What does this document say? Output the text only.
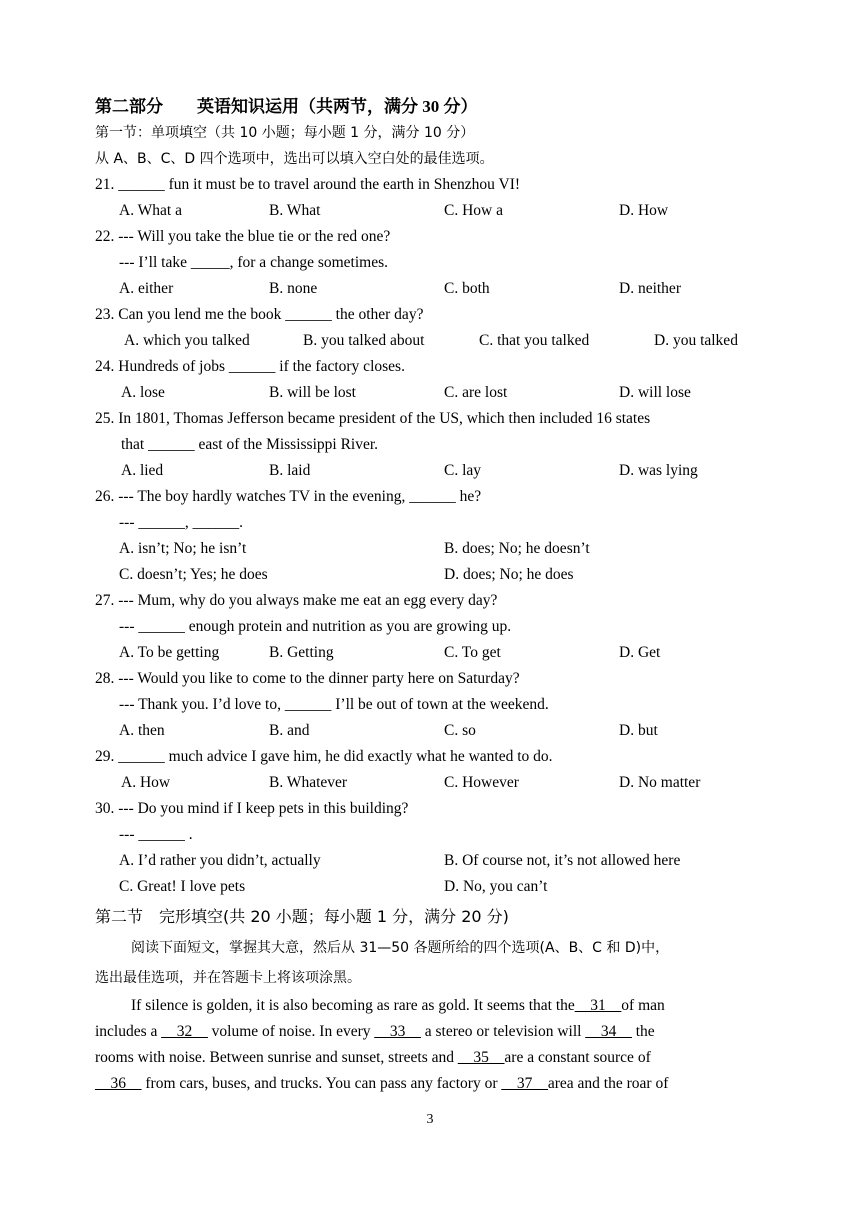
第二部分　　英语知识运用（共两节，满分 30 分）
第一节：单项填空（共 10 小题；每小题 1 分，满分 10 分）
从 A、B、C、D 四个选项中，选出可以填入空白处的最佳选项。
21. ______ fun it must be to travel around the earth in Shenzhou VI!
A. What a	B. What	C. How a	D. How
22. --- Will you take the blue tie or the red one?
--- I’ll take _____, for a change sometimes.
A. either	B. none	C. both	D. neither
23. Can you lend me the book ______ the other day?
A. which you talked	B. you talked about	C. that you talked	D. you talked
24. Hundreds of jobs ______ if the factory closes.
A. lose	B. will be lost	C. are lost	D. will lose
25. In 1801, Thomas Jefferson became president of the US, which then included 16 states
that ______ east of the Mississippi River.
A. lied	B. laid	C. lay	D. was lying
26. --- The boy hardly watches TV in the evening, ______ he?
--- ______, ______.
A. isn’t; No; he isn’t	B. does; No; he doesn’t
C. doesn’t; Yes; he does	D. does; No; he does
27. --- Mum, why do you always make me eat an egg every day?
--- ______ enough protein and nutrition as you are growing up.
A. To be getting	B. Getting	C. To get	D. Get
28. --- Would you like to come to the dinner party here on Saturday?
--- Thank you. I’d love to, ______ I’ll be out of town at the weekend.
A. then	B. and	C. so	D. but
29. ______ much advice I gave him, he did exactly what he wanted to do.
A. How	B. Whatever	C. However	D. No matter
30. --- Do you mind if I keep pets in this building?
--- ______ .
A. I’d rather you didn’t, actually	B. Of course not, it’s not allowed here
C. Great! I love pets	D. No, you can’t
第二节　完形填空(共 20 小题；每小题 1 分，满分 20 分)
阅读下面短文，掌握其大意，然后从 31—50 各题所给的四个选项(A、B、C 和 D)中，
选出最佳选项，并在答题卡上将该项涂黑。
If silence is golden, it is also becoming as rare as gold. It seems that the__31__of man
includes a __32__ volume of noise. In every __33__ a stereo or television will __34__ the
rooms with noise. Between sunrise and sunset, streets and __35__are a constant source of
__36__ from cars, buses, and trucks. You can pass any factory or __37__area and the roar of
3
